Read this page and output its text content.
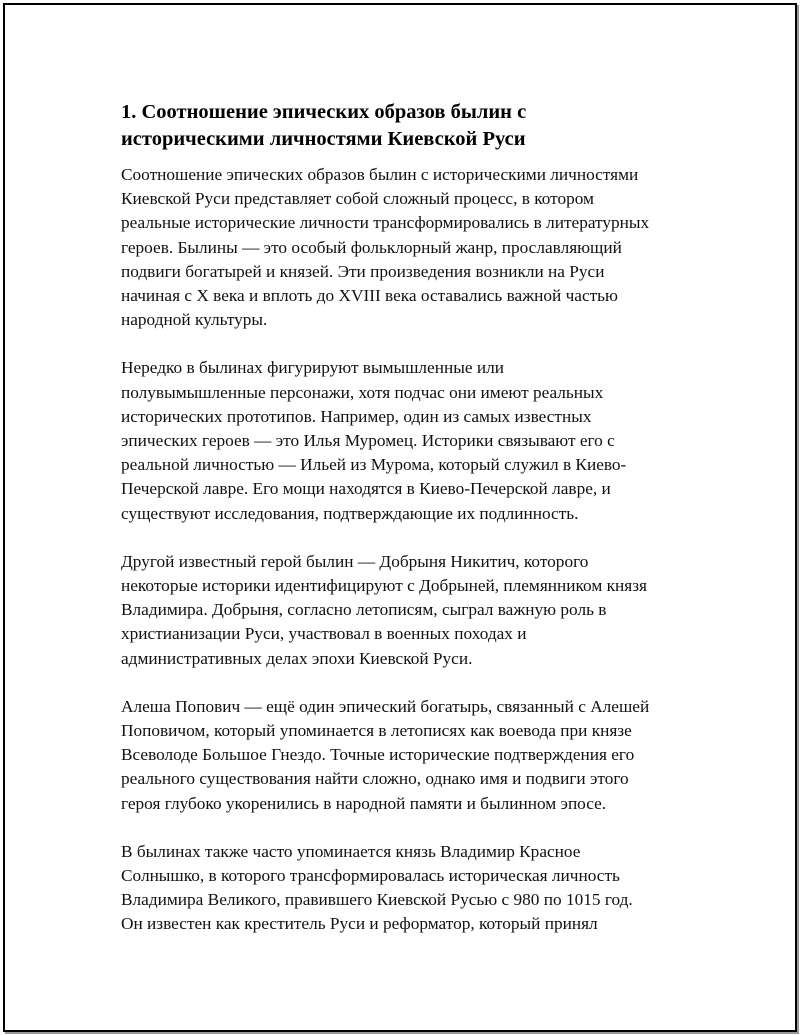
1. Соотношение эпических образов былин с
историческими личностями Киевской Руси

Соотношение эпических образов былин с историческими личностями
Киевской Руси представляет собой сложный процесс, в котором
реальные исторические личности трансформировались в литературных
героев. Былины — это особый фольклорный жанр, прославляющий
подвиги богатырей и князей. Эти произведения возникли на Руси
начиная с X века и вплоть до XVIII века оставались важной частью
народной культуры.

Нередко в былинах фигурируют вымышленные или
полувымышленные персонажи, хотя подчас они имеют реальных
исторических прототипов. Например, один из самых известных
эпических героев — это Илья Муромец. Историки связывают его с
реальной личностью — Ильей из Мурома, который служил в Киево-
Печерской лавре. Его мощи находятся в Киево-Печерской лавре, и
существуют исследования, подтверждающие их подлинность.

Другой известный герой былин — Добрыня Никитич, которого
некоторые историки идентифицируют с Добрыней, племянником князя
Владимира. Добрыня, согласно летописям, сыграл важную роль в
христианизации Руси, участвовал в военных походах и
административных делах эпохи Киевской Руси.

Алеша Попович — ещё один эпический богатырь, связанный с Алешей
Поповичом, который упоминается в летописях как воевода при князе
Всеволоде Большое Гнездо. Точные исторические подтверждения его
реального существования найти сложно, однако имя и подвиги этого
героя глубоко укоренились в народной памяти и былинном эпосе.

В былинах также часто упоминается князь Владимир Красное
Солнышко, в которого трансформировалась историческая личность
Владимира Великого, правившего Киевской Русью с 980 по 1015 год.
Он известен как креститель Руси и реформатор, который принял
